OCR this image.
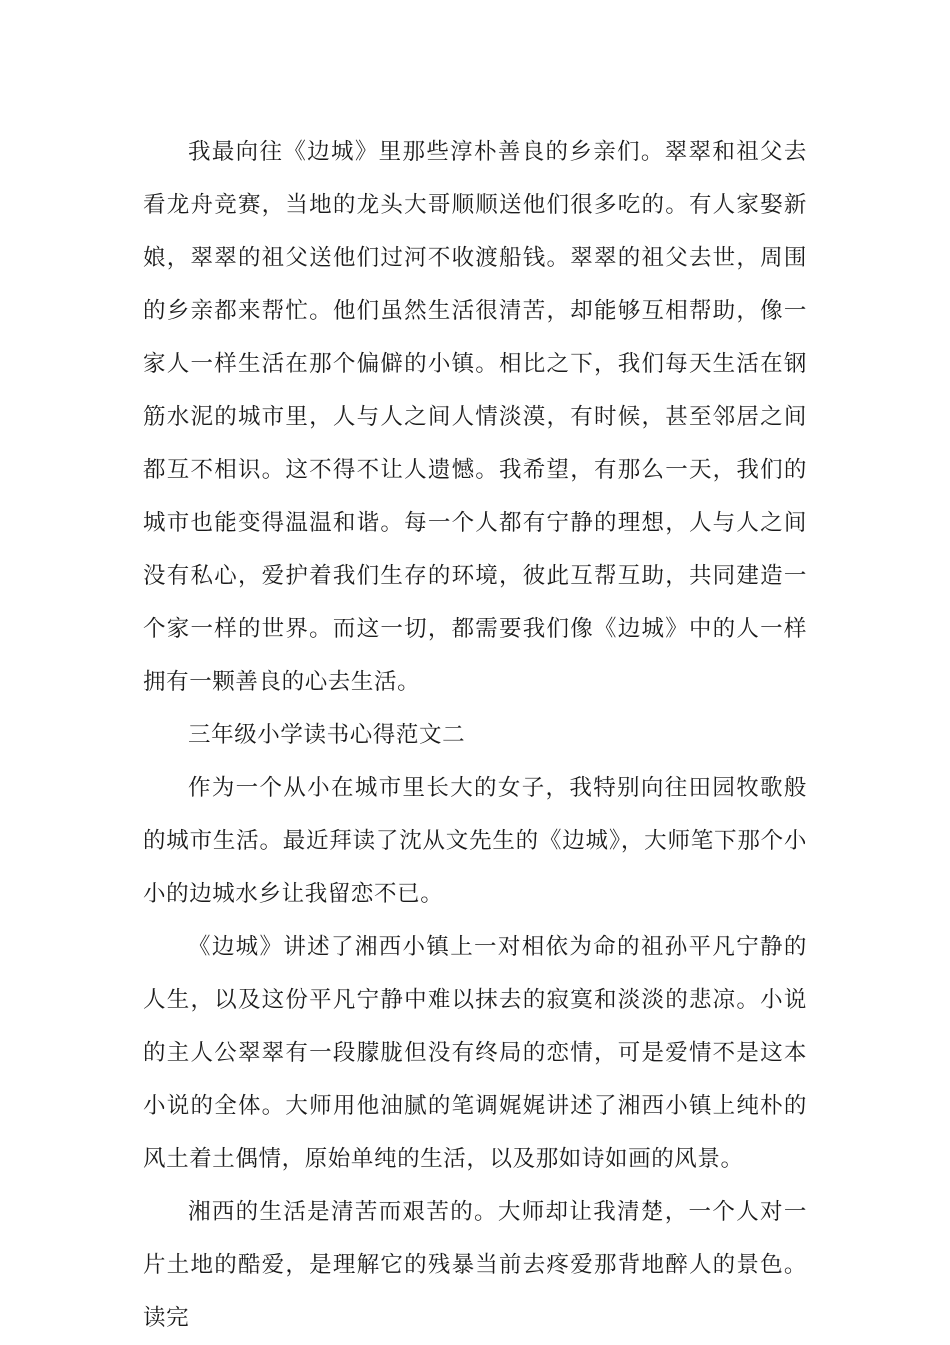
我最向往《边城》里那些淳朴善良的乡亲们。翠翠和祖父去看龙舟竞赛，当地的龙头大哥顺顺送他们很多吃的。有人家娶新娘，翠翠的祖父送他们过河不收渡船钱。翠翠的祖父去世，周围的乡亲都来帮忙。他们虽然生活很清苦，却能够互相帮助，像一家人一样生活在那个偏僻的小镇。相比之下，我们每天生活在钢筋水泥的城市里，人与人之间人情淡漠，有时候，甚至邻居之间都互不相识。这不得不让人遗憾。我希望，有那么一天，我们的城市也能变得温温和谐。每一个人都有宁静的理想，人与人之间没有私心，爱护着我们生存的环境，彼此互帮互助，共同建造一个家一样的世界。而这一切，都需要我们像《边城》中的人一样拥有一颗善良的心去生活。

三年级小学读书心得范文二

作为一个从小在城市里长大的女子，我特别向往田园牧歌般的城市生活。最近拜读了沈从文先生的《边城》，大师笔下那个小小的边城水乡让我留恋不已。

《边城》讲述了湘西小镇上一对相依为命的祖孙平凡宁静的人生，以及这份平凡宁静中难以抹去的寂寞和淡淡的悲凉。小说的主人公翠翠有一段朦胧但没有终局的恋情，可是爱情不是这本小说的全体。大师用他油腻的笔调娓娓讲述了湘西小镇上纯朴的风土着土偶情，原始单纯的生活，以及那如诗如画的风景。

湘西的生活是清苦而艰苦的。大师却让我清楚，一个人对一片土地的酷爱，是理解它的残暴当前去疼爱那背地醉人的景色。读完
